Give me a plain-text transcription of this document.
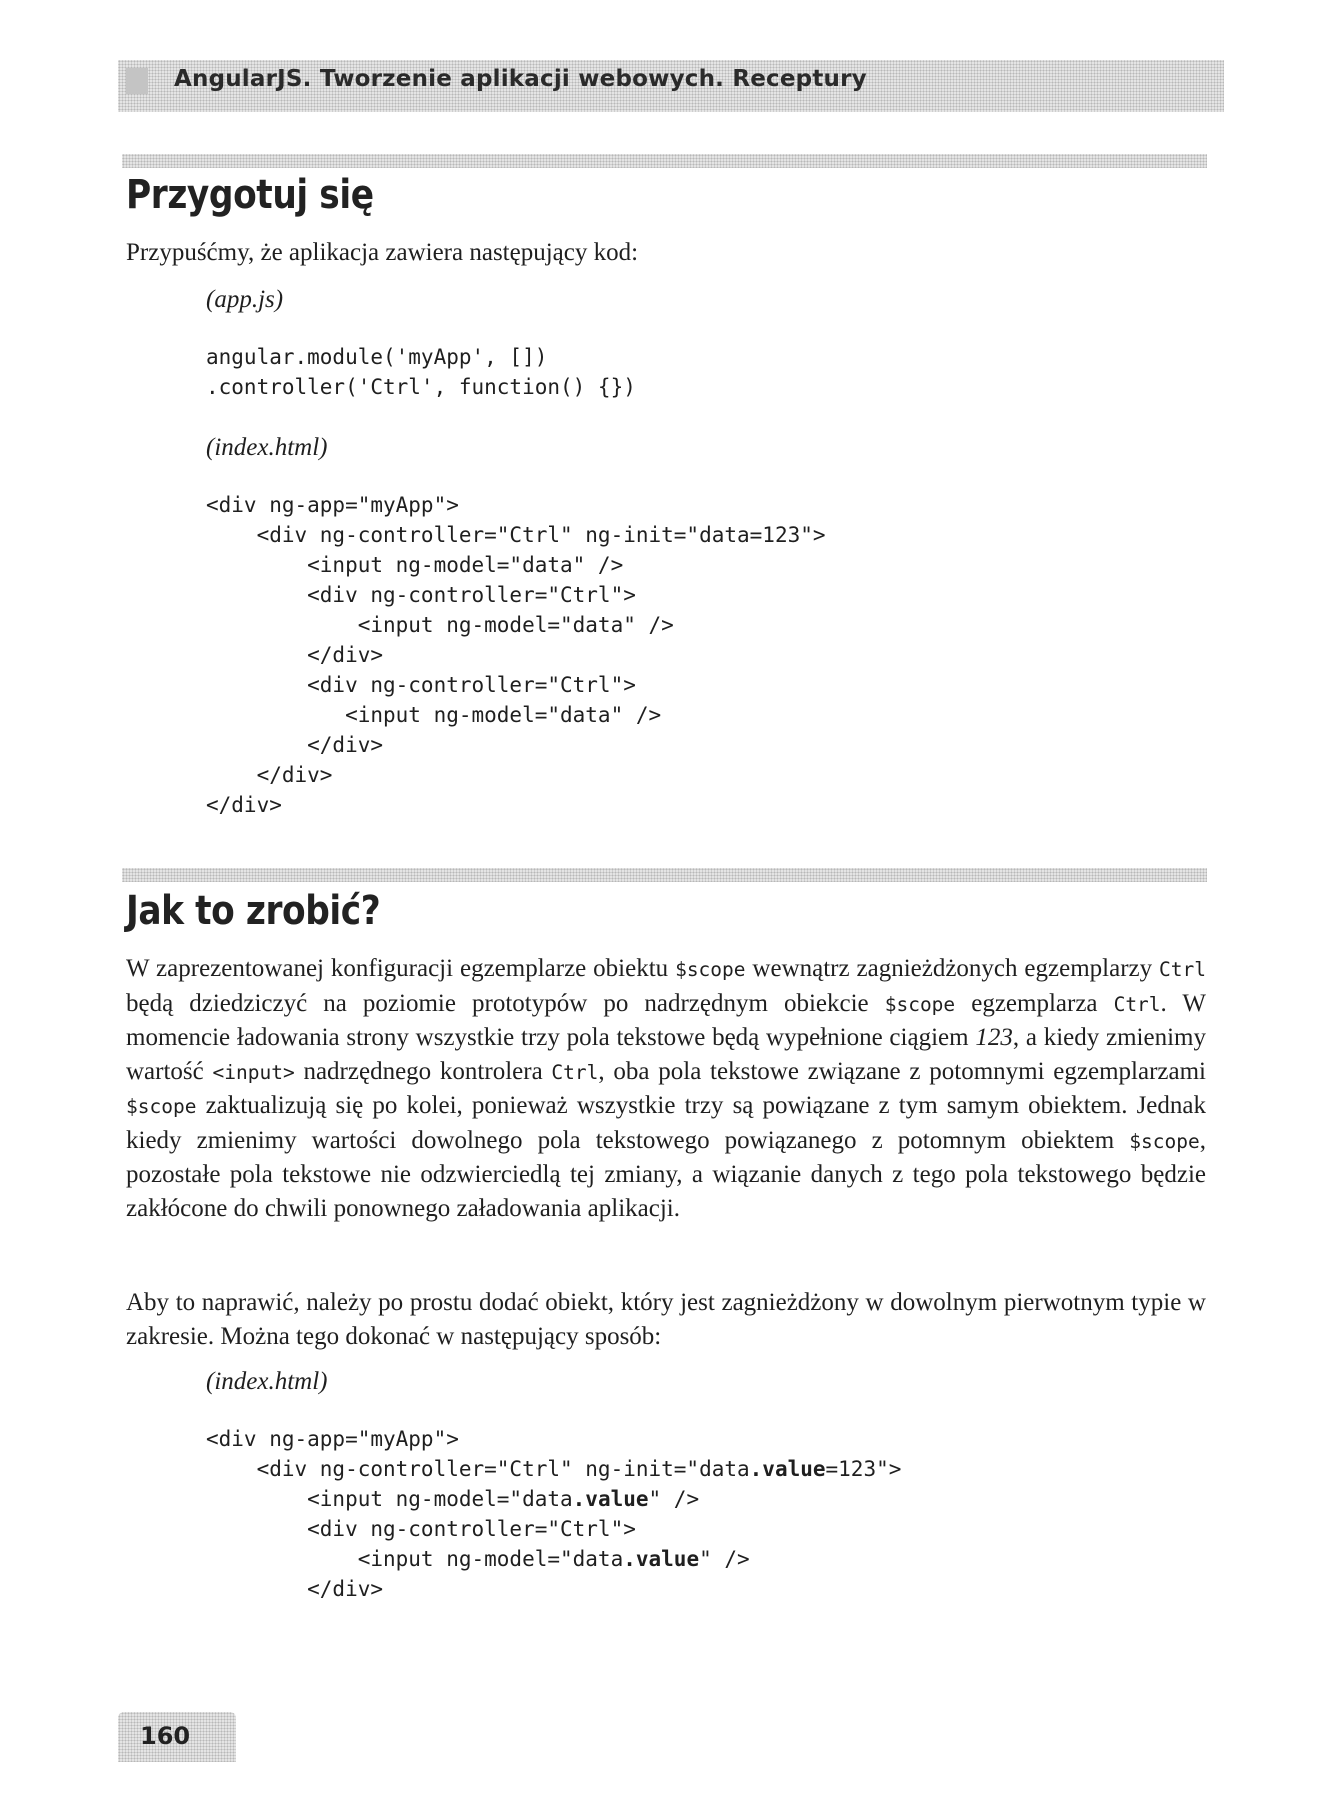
AngularJS. Tworzenie aplikacji webowych. Receptury
Przygotuj się
Przypuśćmy, że aplikacja zawiera następujący kod:
(app.js)
angular.module('myApp', [])
.controller('Ctrl', function() {})
(index.html)
<div ng-app="myApp">
<div ng-controller="Ctrl" ng-init="data=123">
<input ng-model="data" />
<div ng-controller="Ctrl">
<input ng-model="data" />
</div>
<div ng-controller="Ctrl">
<input ng-model="data" />
</div>
</div>
</div>
Jak to zrobić?
W zaprezentowanej konfiguracji egzemplarze obiektu $scope wewnątrz zagnieżdżonych egzemplarzy Ctrl będą dziedziczyć na poziomie prototypów po nadrzędnym obiekcie $scope egzemplarza Ctrl. W momencie ładowania strony wszystkie trzy pola tekstowe będą wypełnione ciągiem 123, a kiedy zmienimy wartość <input> nadrzędnego kontrolera Ctrl, oba pola tekstowe związane z potomnymi egzemplarzami $scope zaktualizują się po kolei, ponieważ wszystkie trzy są powiązane z tym samym obiektem. Jednak kiedy zmienimy wartości dowolnego pola tekstowego powiązanego z potomnym obiektem $scope, pozostałe pola tekstowe nie odzwierciedlą tej zmiany, a wiązanie danych z tego pola tekstowego będzie zakłócone do chwili ponownego załadowania aplikacji.
Aby to naprawić, należy po prostu dodać obiekt, który jest zagnieżdżony w dowolnym pierwotnym typie w zakresie. Można tego dokonać w następujący sposób:
(index.html)
<div ng-app="myApp">
<div ng-controller="Ctrl" ng-init="data.value=123">
<input ng-model="data.value" />
<div ng-controller="Ctrl">
<input ng-model="data.value" />
</div>
160
